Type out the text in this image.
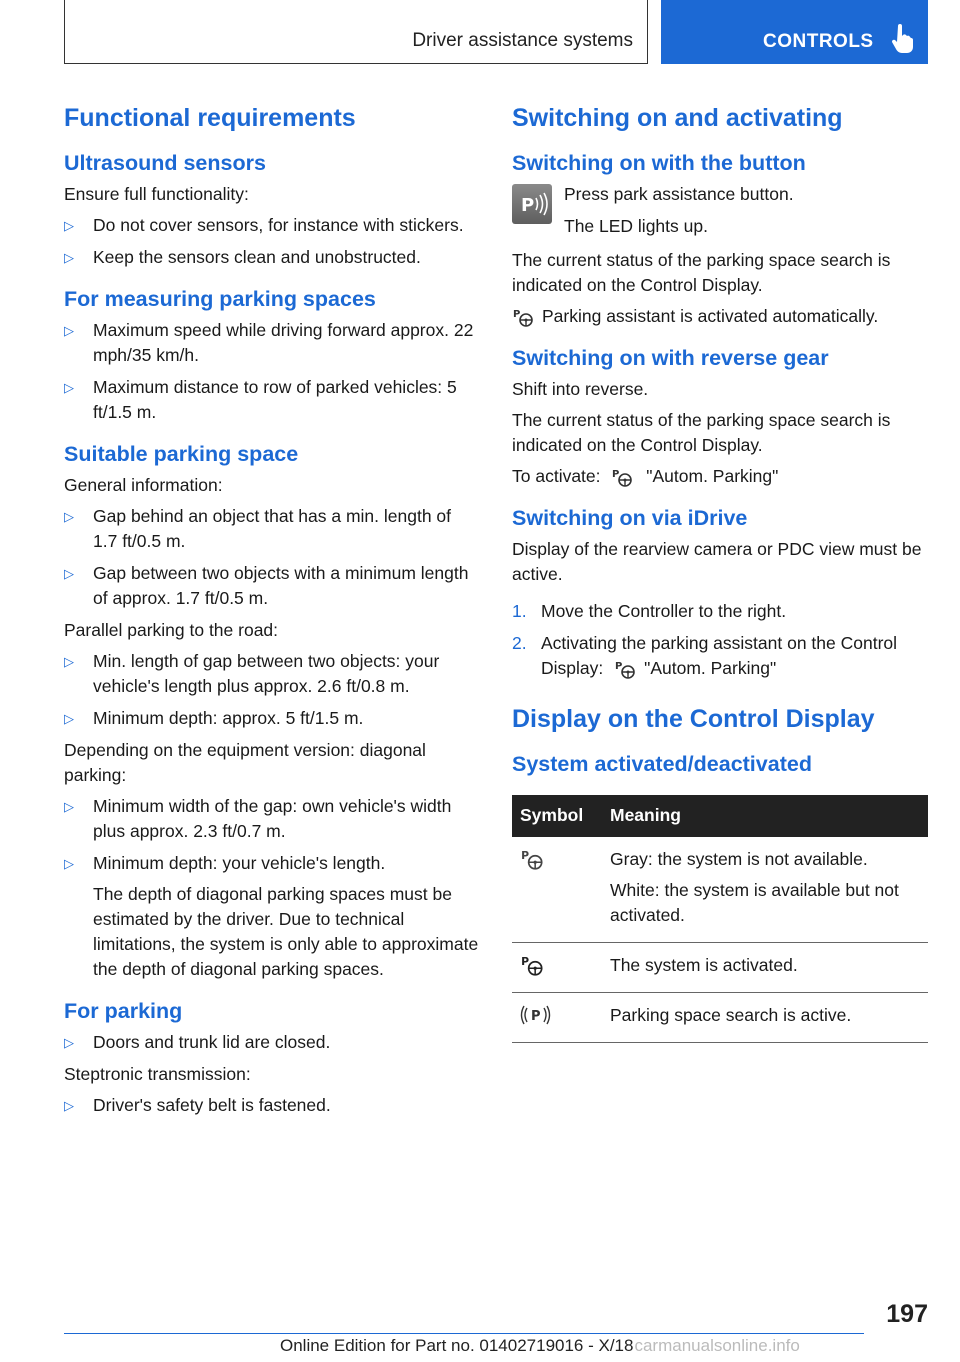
Driver assistance systems	CONTROLS
Functional requirements
Ultrasound sensors

Ensure full functionality:

▷ Do not cover sensors, for instance with stickers.
▷ Keep the sensors clean and unobstructed.
For measuring parking spaces
▷ Maximum speed while driving forward approx. 22 mph/35 km/h.
▷ Maximum distance to row of parked vehicles: 5 ft/1.5 m.
Suitable parking space

General information:

▷ Gap behind an object that has a min. length of 1.7 ft/0.5 m.
▷ Gap between two objects with a minimum length of approx. 1.7 ft/0.5 m.

Parallel parking to the road:

▷ Min. length of gap between two objects: your vehicle's length plus approx. 2.6 ft/0.8 m.
▷ Minimum depth: approx. 5 ft/1.5 m.

Depending on the equipment version: diagonal parking:

▷ Minimum width of the gap: own vehicle's width plus approx. 2.3 ft/0.7 m.
▷ Minimum depth: your vehicle's length.
The depth of diagonal parking spaces must be estimated by the driver. Due to technical limitations, the system is only able to approximate the depth of diagonal parking spaces.
For parking
▷ Doors and trunk lid are closed.

Steptronic transmission:

▷ Driver's safety belt is fastened.
Switching on and activating
Switching on with the button
P

Press park assistance button.

The LED lights up.

The current status of the parking space search is indicated on the Control Display.

P Parking assistant is activated automatically.

Switching on with reverse gear

Shift into reverse.

The current status of the parking space search is indicated on the Control Display.

To activate: P "Autom. Parking"

Switching on via iDrive

Display of the rearview camera or PDC view must be active.

1. Move the Controller to the right.
2. Activating the parking assistant on the Control Display: P "Autom. Parking"
Display on the Control Display
System activated/deactivated
Symbol	Meaning

P	Gray: the system is not available.

White: the system is available but not activated.

P	The system is activated.

P	Parking space search is active.
197
Online Edition for Part no. 01402719016 - X/18carmanualsonline.info
